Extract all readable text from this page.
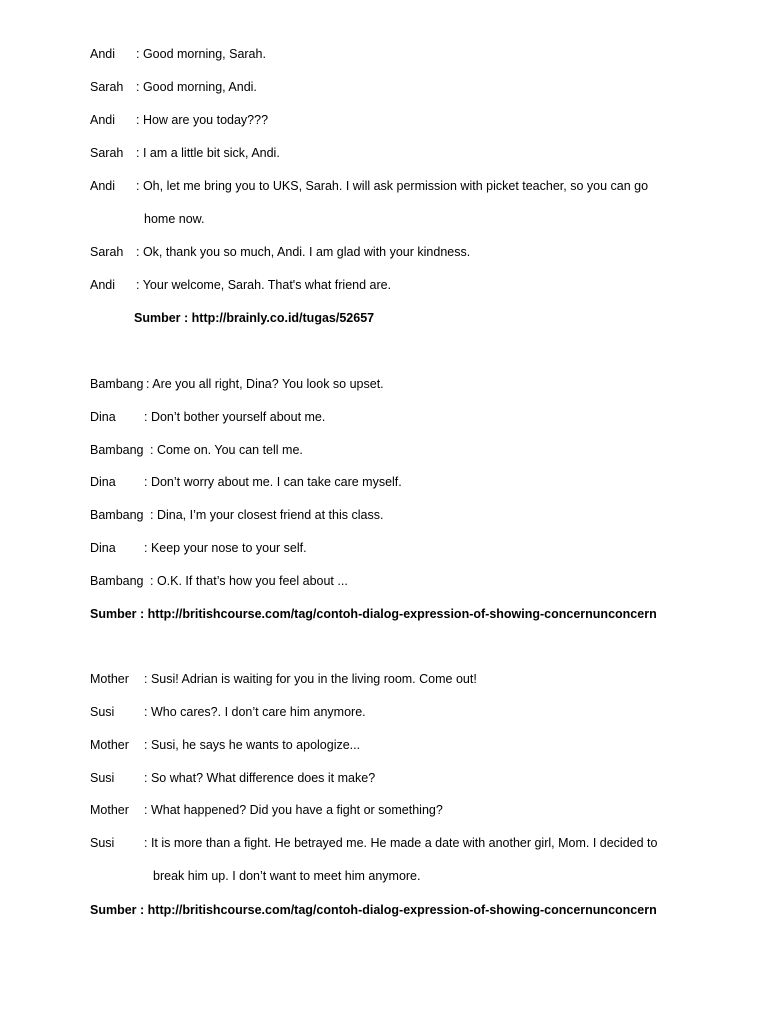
Andi : Good morning, Sarah.
Sarah : Good morning, Andi.
Andi : How are you today???
Sarah : I am a little bit sick, Andi.
Andi : Oh, let me bring you to UKS, Sarah. I will ask permission with picket teacher, so you can go
home now.
Sarah : Ok, thank you so much, Andi. I am glad with your kindness.
Andi : Your welcome, Sarah. That's what friend are.
Sumber : http://brainly.co.id/tugas/52657
Bambang : Are you all right, Dina? You look so upset.
Dina : Don’t bother yourself about me.
Bambang : Come on. You can tell me.
Dina : Don’t worry about me. I can take care myself.
Bambang : Dina, I’m your closest friend at this class.
Dina : Keep your nose to your self.
Bambang : O.K. If that’s how you feel about ...
Sumber : http://britishcourse.com/tag/contoh-dialog-expression-of-showing-concernunconcern
Mother : Susi! Adrian is waiting for you in the living room. Come out!
Susi : Who cares?. I don’t care him anymore.
Mother : Susi, he says he wants to apologize...
Susi : So what? What difference does it make?
Mother : What happened? Did you have a fight or something?
Susi : It is more than a fight. He betrayed me. He made a date with another girl, Mom. I decided to
break him up. I don’t want to meet him anymore.
Sumber : http://britishcourse.com/tag/contoh-dialog-expression-of-showing-concernunconcern
